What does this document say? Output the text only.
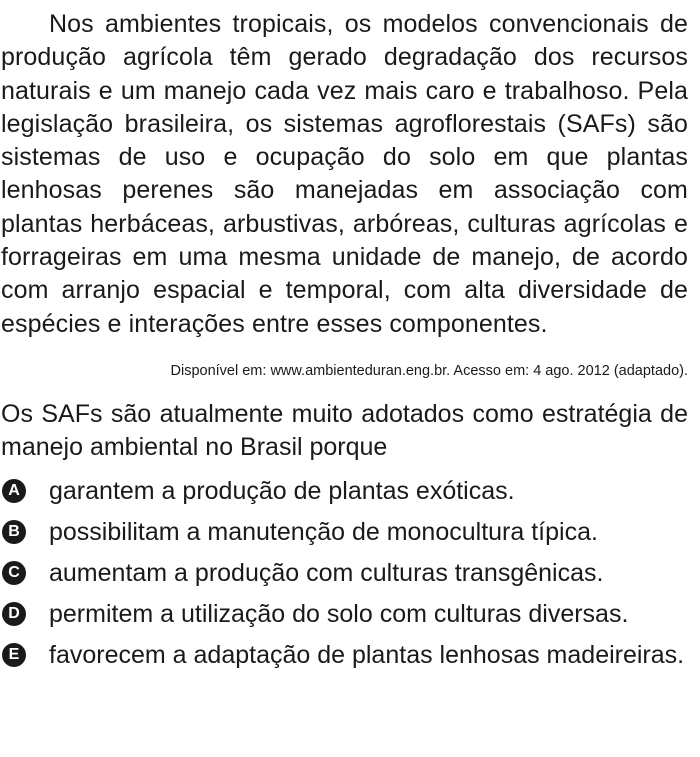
Nos ambientes tropicais, os modelos convencionais de produção agrícola têm gerado degradação dos recursos naturais e um manejo cada vez mais caro e trabalhoso. Pela legislação brasileira, os sistemas agroflorestais (SAFs) são sistemas de uso e ocupação do solo em que plantas lenhosas perenes são manejadas em associação com plantas herbáceas, arbustivas, arbóreas, culturas agrícolas e forrageiras em uma mesma unidade de manejo, de acordo com arranjo espacial e temporal, com alta diversidade de espécies e interações entre esses componentes.

Disponível em: www.ambienteduran.eng.br. Acesso em: 4 ago. 2012 (adaptado).

Os SAFs são atualmente muito adotados como estratégia de manejo ambiental no Brasil porque

A garantem a produção de plantas exóticas.
B possibilitam a manutenção de monocultura típica.
C aumentam a produção com culturas transgênicas.
D permitem a utilização do solo com culturas diversas.
E favorecem a adaptação de plantas lenhosas madeireiras.
